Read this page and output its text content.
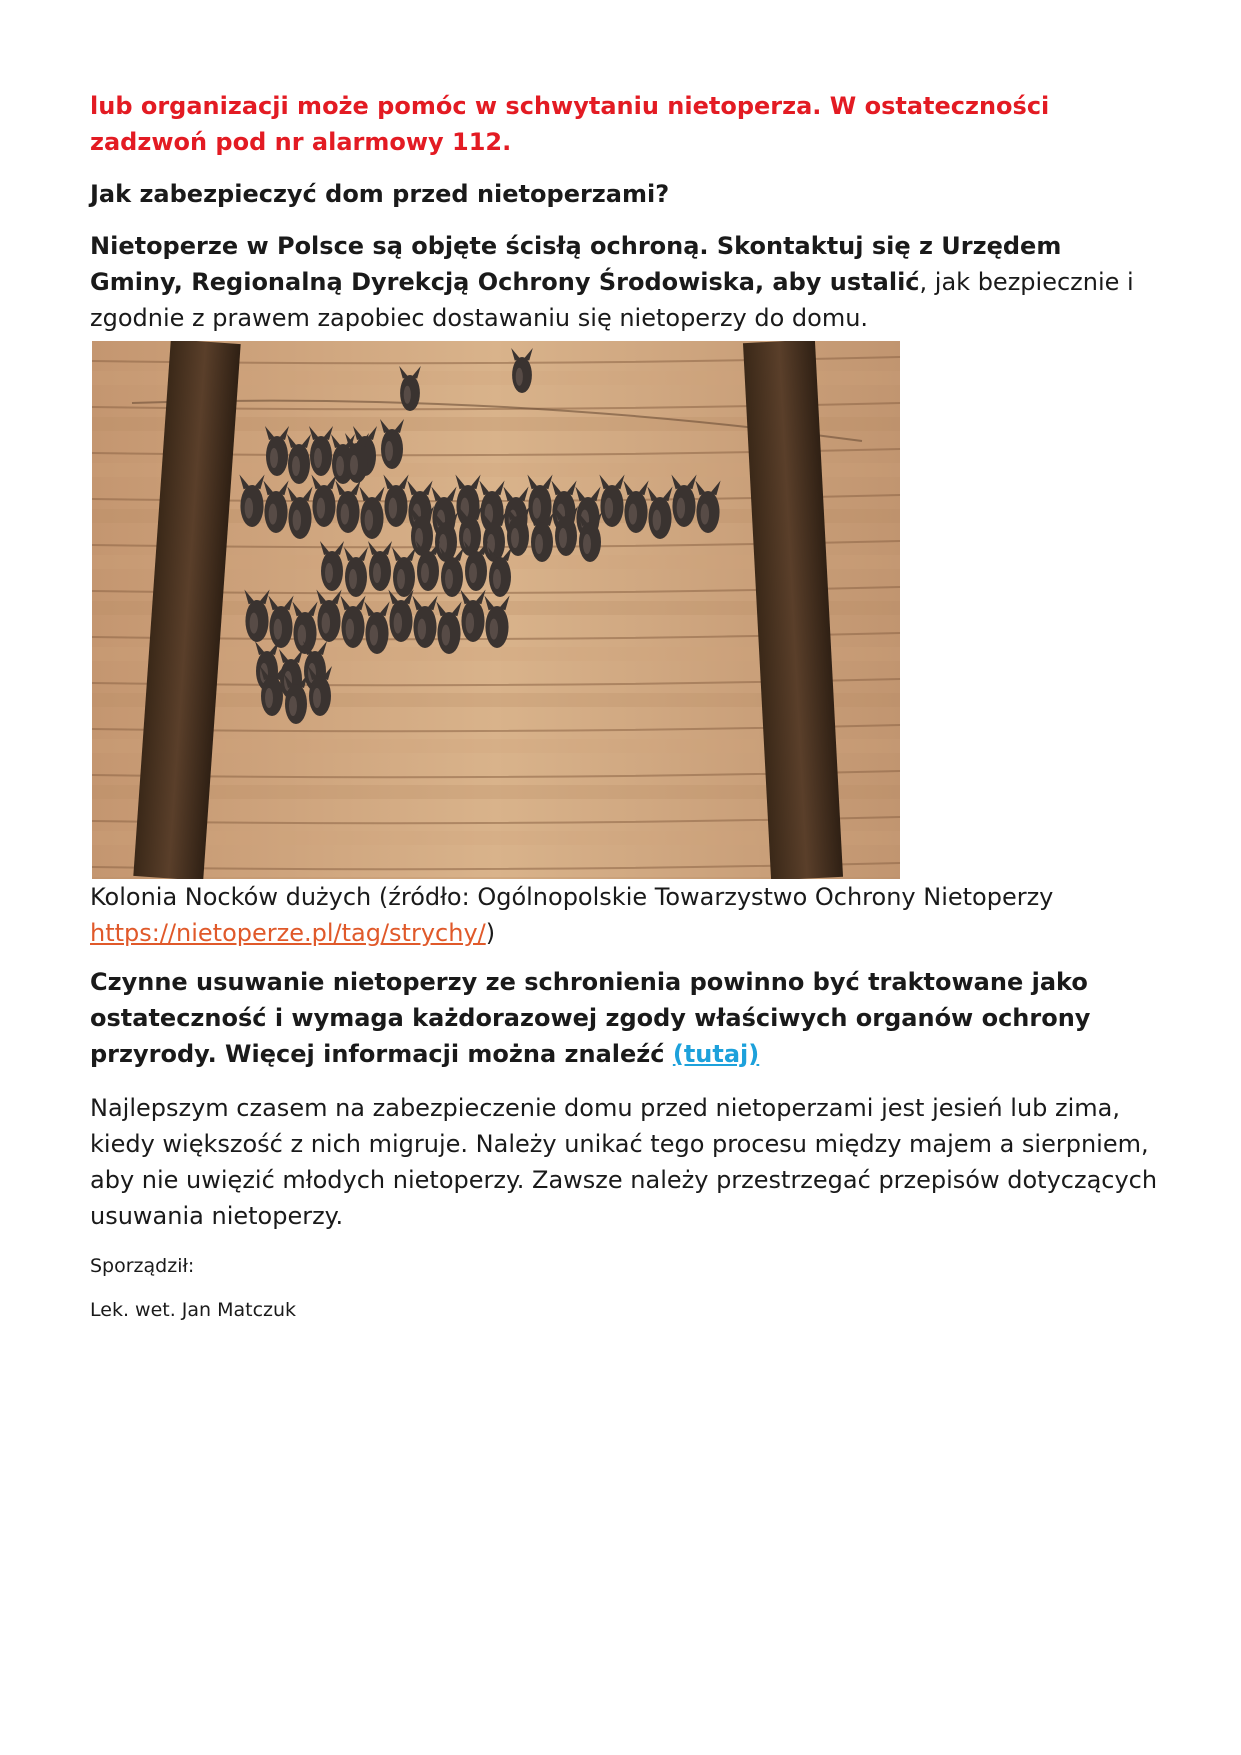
lub organizacji może pomóc w schwytaniu nietoperza. W ostateczności zadzwoń pod nr alarmowy 112.

Jak zabezpieczyć dom przed nietoperzami?

Nietoperze w Polsce są objęte ścisłą ochroną. Skontaktuj się z Urzędem Gminy, Regionalną Dyrekcją Ochrony Środowiska, aby ustalić, jak bezpiecznie i zgodnie z prawem zapobiec dostawaniu się nietoperzy do domu.

Kolonia Nocków dużych (źródło: Ogólnopolskie Towarzystwo Ochrony Nietoperzy https://nietoperze.pl/tag/strychy/)

Czynne usuwanie nietoperzy ze schronienia powinno być traktowane jako ostateczność i wymaga każdorazowej zgody właściwych organów ochrony przyrody. Więcej informacji można znaleźć (tutaj)

Najlepszym czasem na zabezpieczenie domu przed nietoperzami jest jesień lub zima, kiedy większość z nich migruje. Należy unikać tego procesu między majem a sierpniem, aby nie uwięzić młodych nietoperzy. Zawsze należy przestrzegać przepisów dotyczących usuwania nietoperzy.

Sporządził:

Lek. wet. Jan Matczuk
